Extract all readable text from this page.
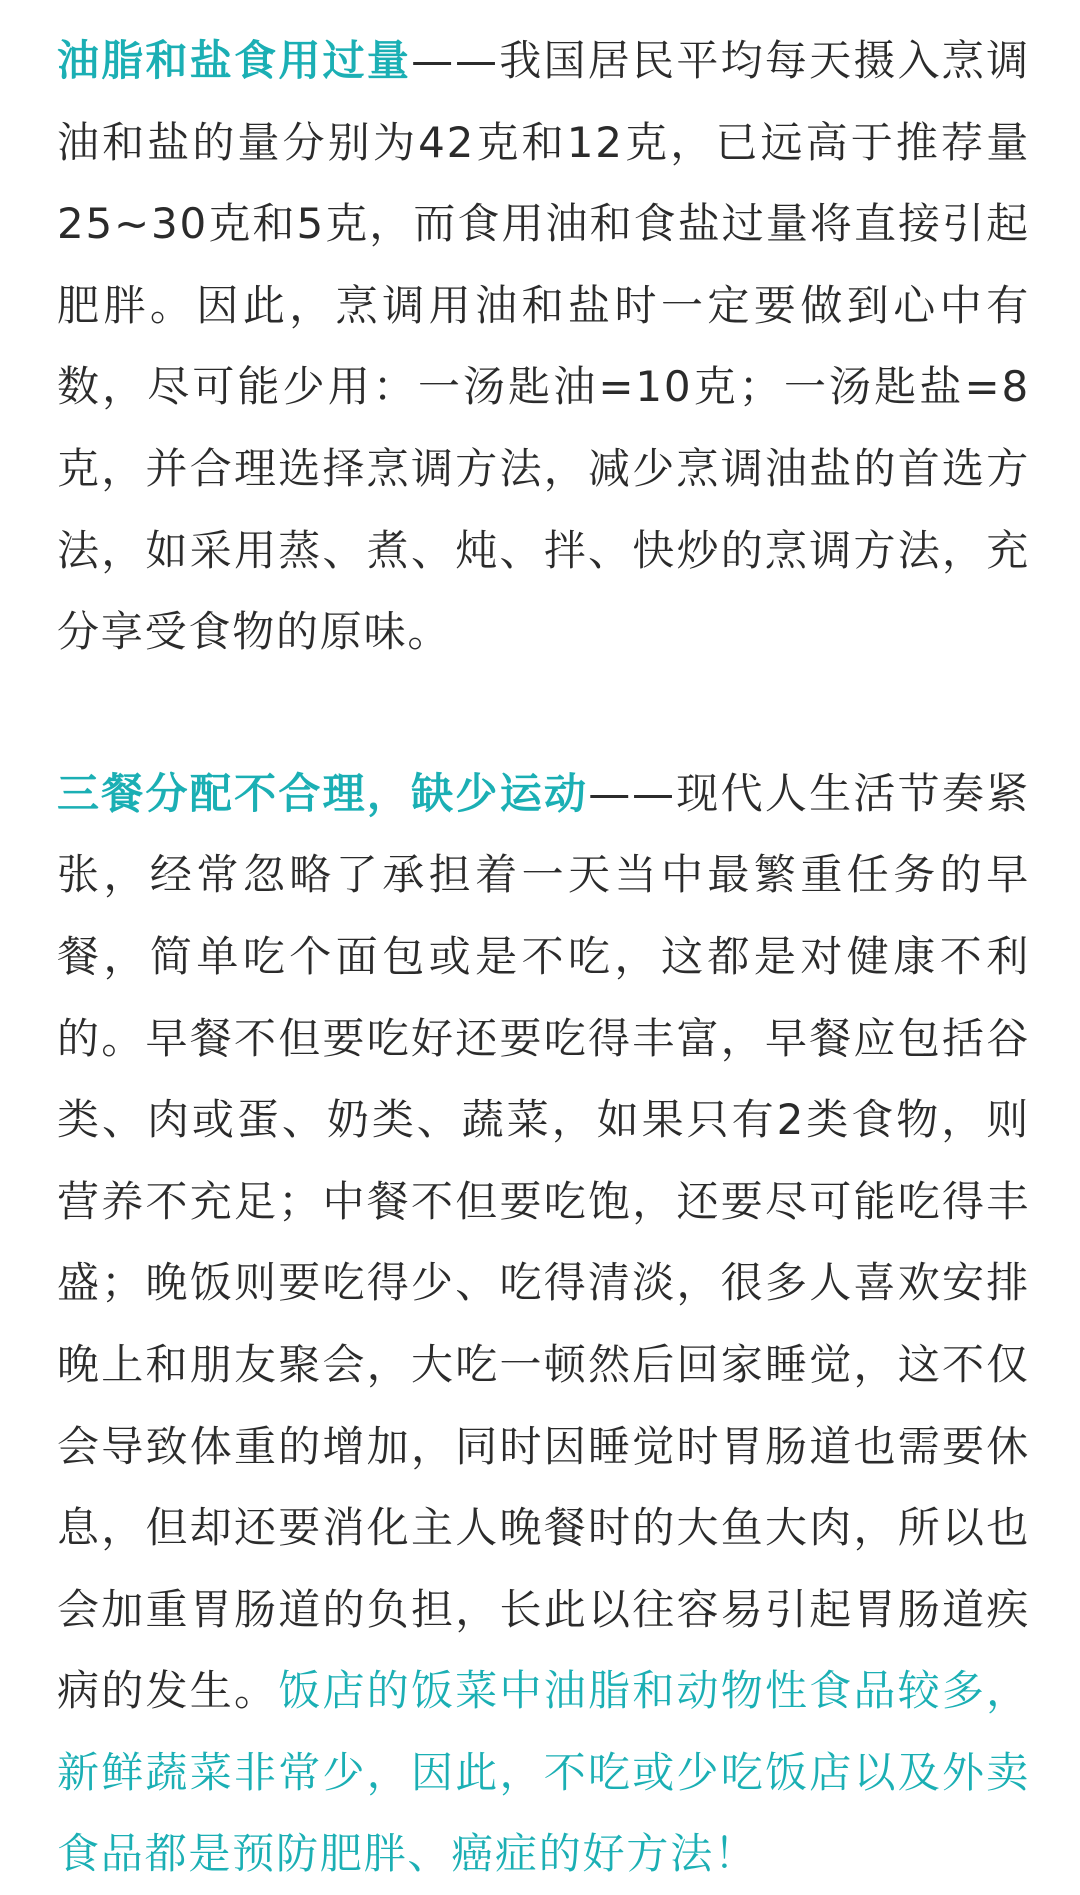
油脂和盐食用过量——我国居民平均每天摄入烹调油和盐的量分别为42克和12克，已远高于推荐量25~30克和5克，而食用油和食盐过量将直接引起肥胖。因此，烹调用油和盐时一定要做到心中有数，尽可能少用：一汤匙油=10克；一汤匙盐=8克，并合理选择烹调方法，减少烹调油盐的首选方法，如采用蒸、煮、炖、拌、快炒的烹调方法，充分享受食物的原味。

三餐分配不合理，缺少运动——现代人生活节奏紧张，经常忽略了承担着一天当中最繁重任务的早餐，简单吃个面包或是不吃，这都是对健康不利的。早餐不但要吃好还要吃得丰富，早餐应包括谷类、肉或蛋、奶类、蔬菜，如果只有2类食物，则营养不充足；中餐不但要吃饱，还要尽可能吃得丰盛；晚饭则要吃得少、吃得清淡，很多人喜欢安排晚上和朋友聚会，大吃一顿然后回家睡觉，这不仅会导致体重的增加，同时因睡觉时胃肠道也需要休息，但却还要消化主人晚餐时的大鱼大肉，所以也会加重胃肠道的负担，长此以往容易引起胃肠道疾病的发生。饭店的饭菜中油脂和动物性食品较多，新鲜蔬菜非常少，因此，不吃或少吃饭店以及外卖食品都是预防肥胖、癌症的好方法！
